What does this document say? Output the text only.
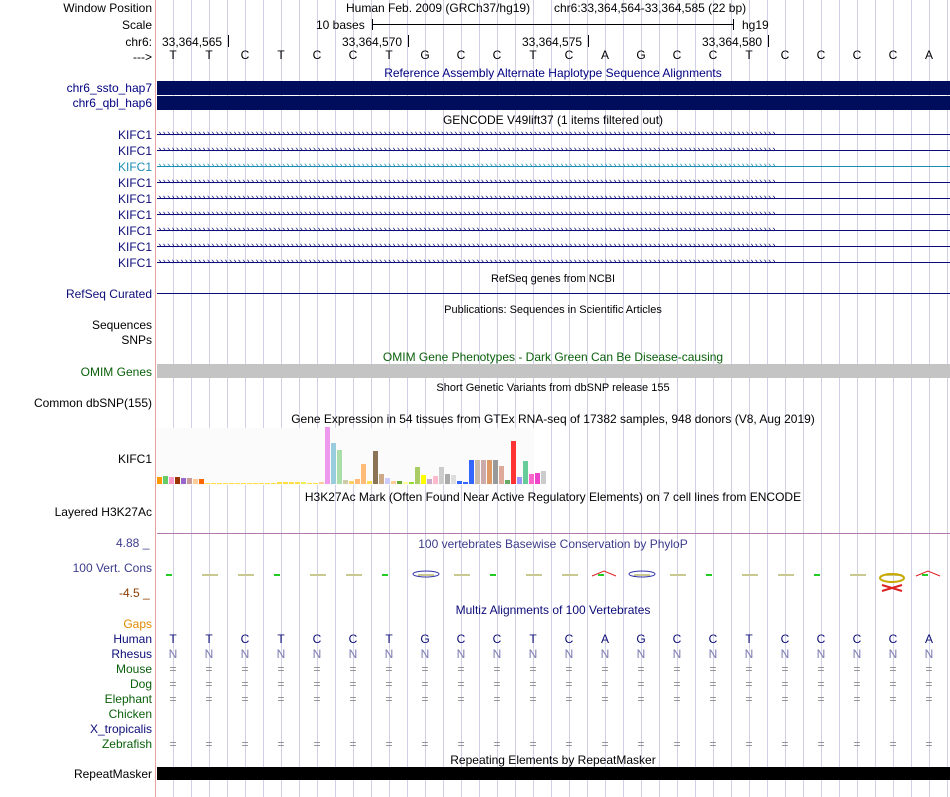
Window Position	Human Feb. 2009 (GRCh37/hg19) chr6:33,364,564-33,364,585 (22 bp)
Scale	10 bases	hg19
chr6: 33,364,565	33,364,570	33,364,575	33,364,580
--->	T	T	C	T	C	C	T	G	C	C	T	C	A	G	C	C	T	C	C	C	C	A
Reference Assembly Alternate Haplotype Sequence Alignments
chr6_ssto_hap7
chr6_qbl_hap6
GENCODE V49lift37 (1 items filtered out)
KIFC1 ››››››››››››››››››››››››››››››››››››››››››››››››››››››››››››››››››››››››››››››››››››››››››››››››››››››››››››››››››››››››››››››››››››››››››››
KIFC1 ››››››››››››››››››››››››››››››››››››››››››››››››››››››››››››››››››››››››››››››››››››››››››››››››››››››››››››››››››››››››››››››››››››››››››››
KIFC1 ››››››››››››››››››››››››››››››››››››››››››››››››››››››››››››››››››››››››››››››››››››››››››››››››››››››››››››››››››››››››››››››››››››››››››››
KIFC1 ››››››››››››››››››››››››››››››››››››››››››››››››››››››››››››››››››››››››››››››››››››››››››››››››››››››››››››››››››››››››››››››››››››››››››››
KIFC1 ››››››››››››››››››››››››››››››››››››››››››››››››››››››››››››››››››››››››››››››››››››››››››››››››››››››››››››››››››››››››››››››››››››››››››››
KIFC1 ››››››››››››››››››››››››››››››››››››››››››››››››››››››››››››››››››››››››››››››››››››››››››››››››››››››››››››››››››››››››››››››››››››››››››››
KIFC1 ››››››››››››››››››››››››››››››››››››››››››››››››››››››››››››››››››››››››››››››››››››››››››››››››››››››››››››››››››››››››››››››››››››››››››››
KIFC1 ››››››››››››››››››››››››››››››››››››››››››››››››››››››››››››››››››››››››››››››››››››››››››››››››››››››››››››››››››››››››››››››››››››››››››››
KIFC1 ››››››››››››››››››››››››››››››››››››››››››››››››››››››››››››››››››››››››››››››››››››››››››››››››››››››››››››››››››››››››››››››››››››››››››››
RefSeq genes from NCBI
RefSeq Curated
Publications: Sequences in Scientific Articles
Sequences
SNPs
OMIM Gene Phenotypes - Dark Green Can Be Disease-causing
OMIM Genes
Short Genetic Variants from dbSNP release 155
Common dbSNP(155)
Gene Expression in 54 tissues from GTEx RNA-seq of 17382 samples, 948 donors (V8, Aug 2019)
KIFC1
H3K27Ac Mark (Often Found Near Active Regulatory Elements) on 7 cell lines from ENCODE
Layered H3K27Ac
4.88 _	100 vertebrates Basewise Conservation by PhyloP
100 Vert. Cons
-4.5 _
Multiz Alignments of 100 Vertebrates
Gaps
Human	T	T	C	T	C	C	T	G	C	C	T	C	A	G	C	C	T	C	C	C	C	A
Rhesus	N	N	N	N	N	N	N	N	N	N	N	N	N	N	N	N	N	N	N	N	N	N
Mouse	=	=	=	=	=	=	=	=	=	=	=	=	=	=	=	=	=	=	=	=	=	=
Dog	=	=	=	=	=	=	=	=	=	=	=	=	=	=	=	=	=	=	=	=	=	=
Elephant	=	=	=	=	=	=	=	=	=	=	=	=	=	=	=	=	=	=	=	=	=	=
Chicken
X_tropicalis
Zebrafish	=	=	=	=	=	=	=	=	=	=	=	=	=	=	=	=	=	=	=	=	=	=
Repeating Elements by RepeatMasker
RepeatMasker
